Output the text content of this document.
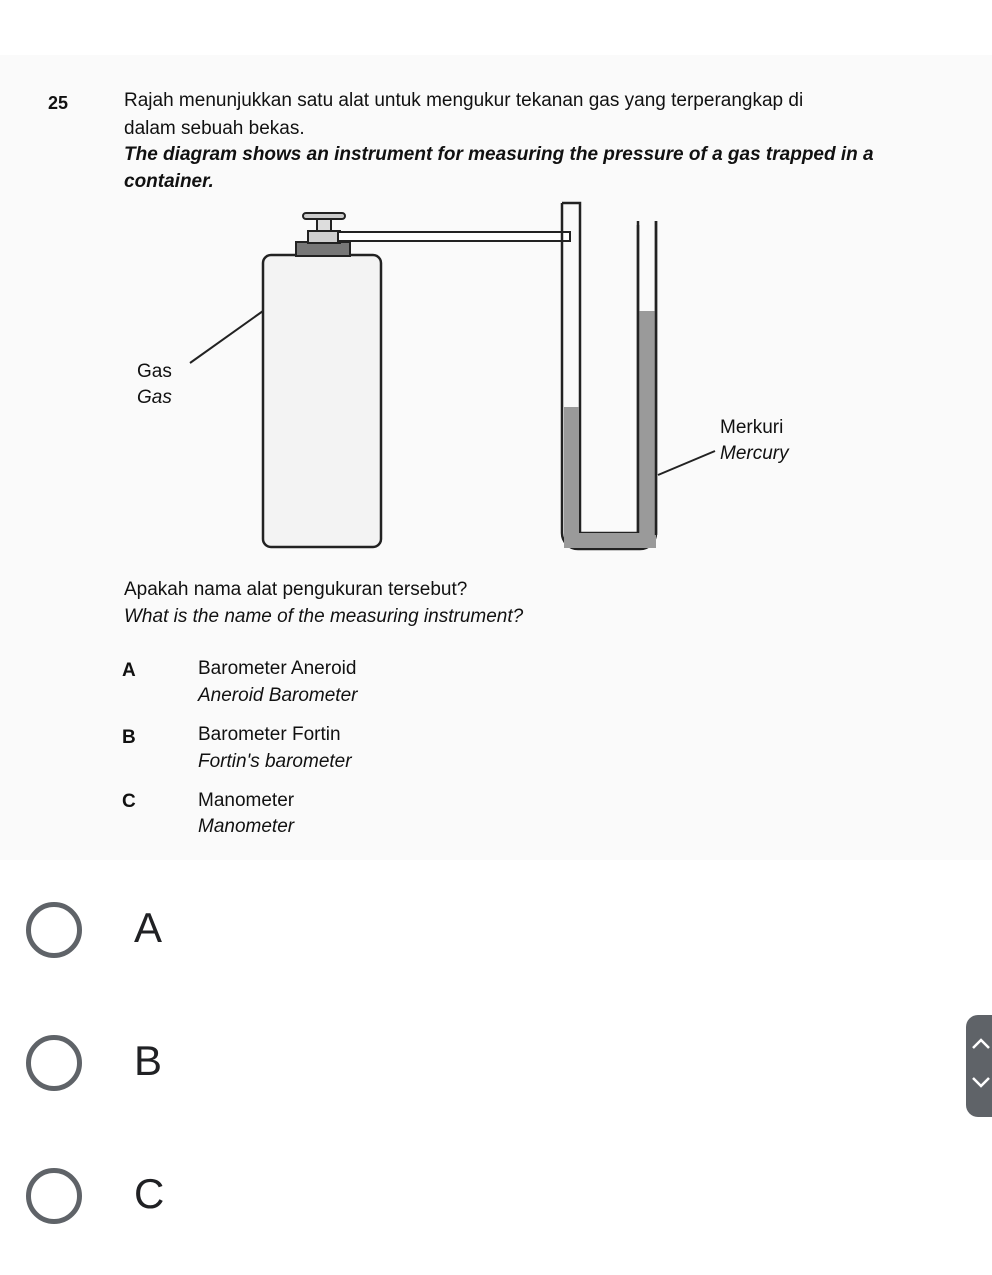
25	Rajah menunjukkan satu alat untuk mengukur tekanan gas yang terperangkap di
dalam sebuah bekas.
The diagram shows an instrument for measuring the pressure of a gas trapped in a
container.
Gas
Gas
Merkuri
Mercury
Apakah nama alat pengukuran tersebut?
What is the name of the measuring instrument?
A	Barometer Aneroid
Aneroid Barometer
B	Barometer Fortin
Fortin's barometer
C	Manometer
Manometer
A
B
C
